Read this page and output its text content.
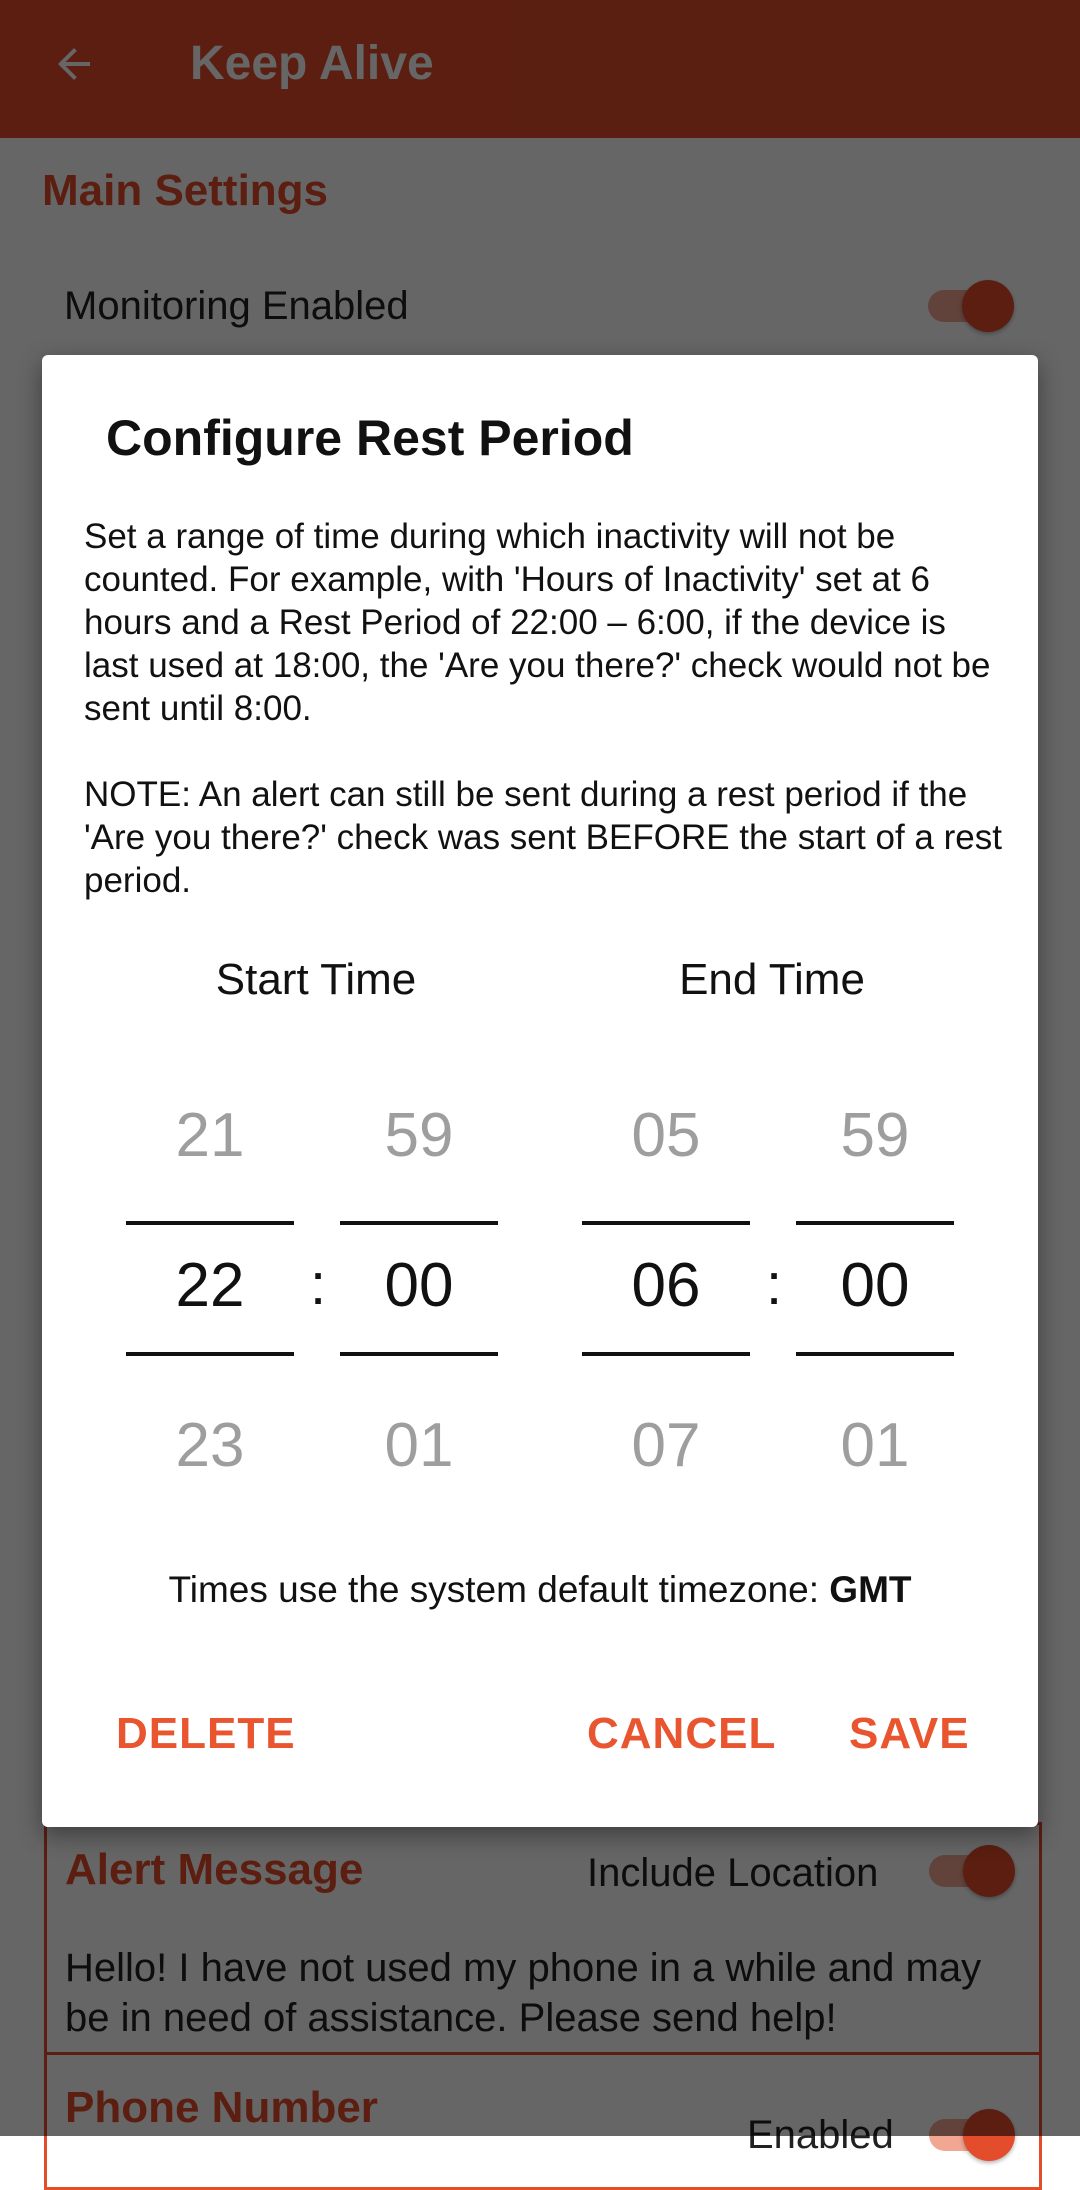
Configure Rest Period

Set a range of time during which inactivity will not be counted. For example, with 'Hours of Inactivity' set at 6 hours and a Rest Period of 22:00 – 6:00, if the device is last used at 18:00, the 'Are you there?' check would not be sent until 8:00.

NOTE: An alert can still be sent during a rest period if the 'Are you there?' check was sent BEFORE the start of a rest period.

Start Time	End Time
21
22
23
:
59
00
01
05
06
07
:
59
00
01
Times use the system default timezone: GMT
DELETE	CANCEL SAVE
